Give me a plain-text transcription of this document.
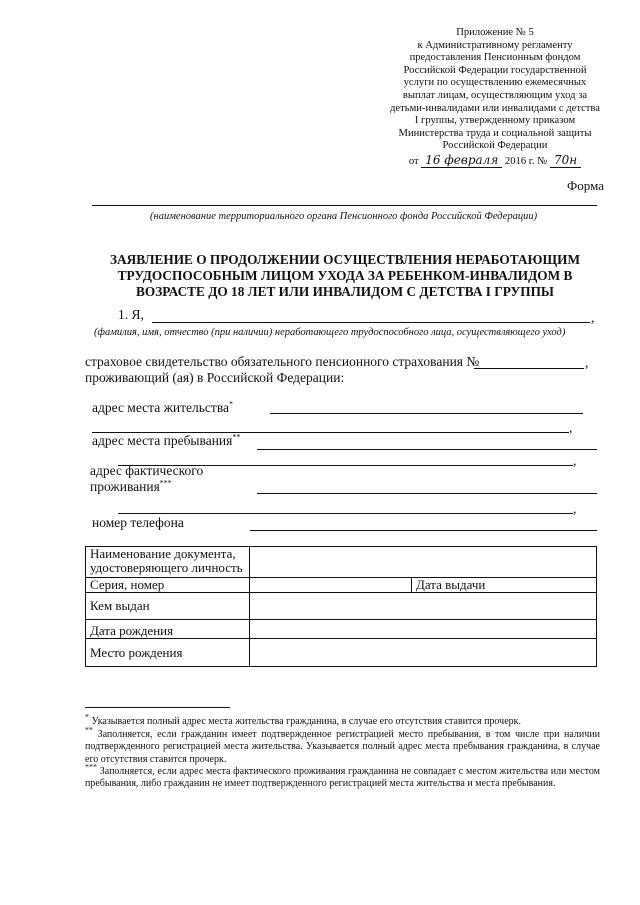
Приложение № 5
к Административному регламенту
предоставления Пенсионным фондом
Российской Федерации государственной
услуги по осуществлению ежемесячных
выплат лицам, осуществляющим уход за
детьми-инвалидами или инвалидами с детства
I группы, утвержденному приказом
Министерства труда и социальной защиты
Российской Федерации
от 16 февраля 2016 г. № 70н
Форма
(наименование территориального органа Пенсионного фонда Российской Федерации)
ЗАЯВЛЕНИЕ О ПРОДОЛЖЕНИИ ОСУЩЕСТВЛЕНИЯ НЕРАБОТАЮЩИМ
ТРУДОСПОСОБНЫМ ЛИЦОМ УХОДА ЗА РЕБЕНКОМ-ИНВАЛИДОМ В
ВОЗРАСТЕ ДО 18 ЛЕТ ИЛИ ИНВАЛИДОМ С ДЕТСТВА I ГРУППЫ
1. Я,	,
(фамилия, имя, отчество (при наличии) неработающего трудоспособного лица, осуществляющего уход)
страховое свидетельство обязательного пенсионного страхования №	,
проживающий (ая) в Российской Федерации:
адрес места жительства*
,
адрес места пребывания**
,
адрес фактического
проживания***
,
номер телефона
Наименование документа, удостоверяющего личность		
Серия, номер		Дата выдачи
Кем выдан		
Дата рождения		
Место рождения		
* Указывается полный адрес места жительства гражданина, в случае его отсутствия ставится прочерк.
** Заполняется, если гражданин имеет подтвержденное регистрацией место пребывания, в том числе при наличии подтвержденного регистрацией места жительства. Указывается полный адрес места пребывания гражданина, в случае его отсутствия ставится прочерк.
*** Заполняется, если адрес места фактического проживания гражданина не совпадает с местом жительства или местом пребывания, либо гражданин не имеет подтвержденного регистрацией места жительства и места пребывания.
